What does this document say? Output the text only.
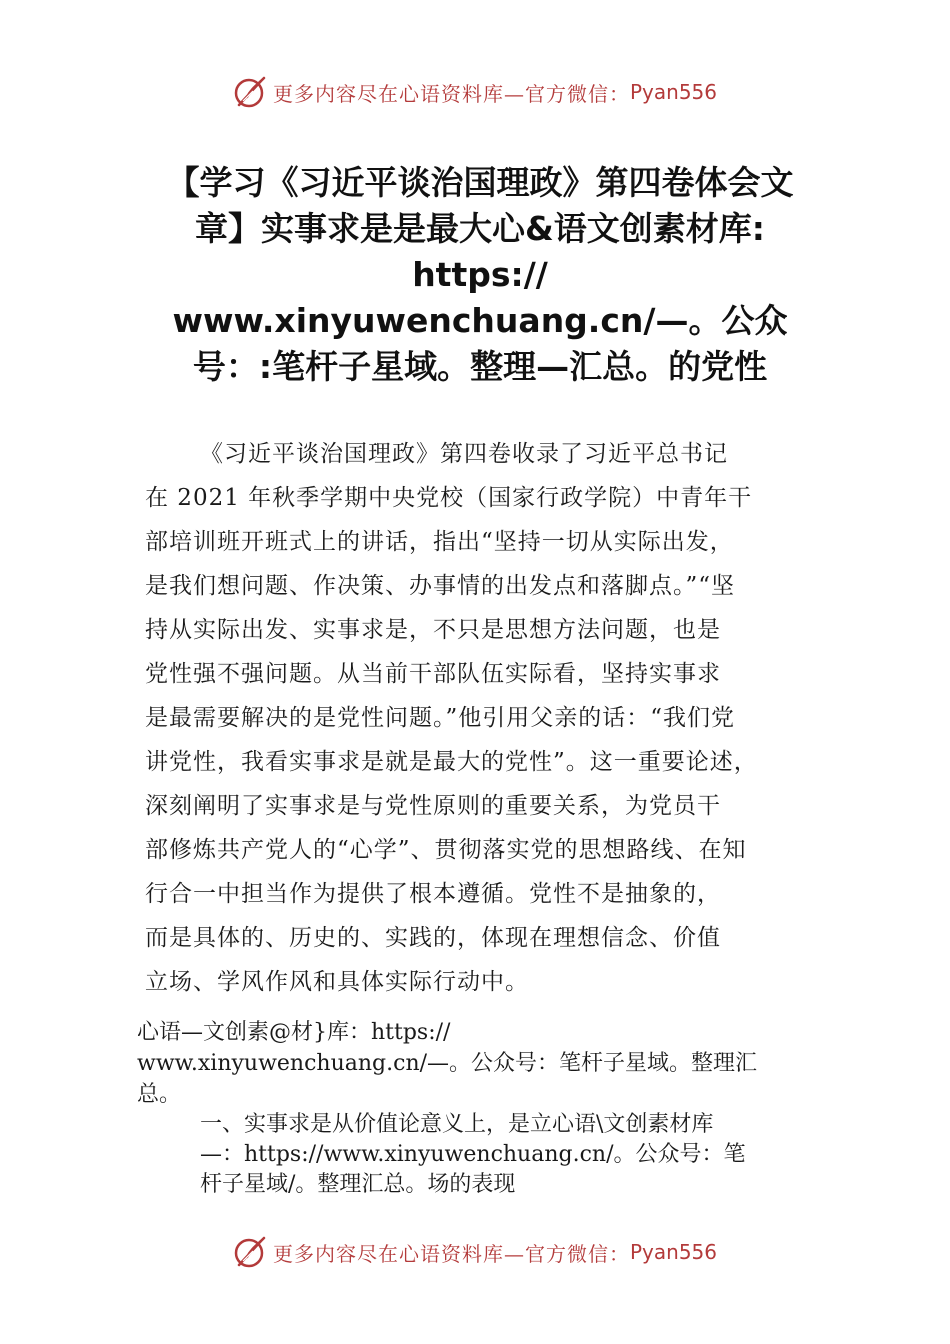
更多内容尽在心语资料库—官方微信： Pyan556
【学习《习近平谈治国理政》第四卷体会文
章】实事求是是最大心&语文创素材库:
https://
www.xinyuwenchuang.cn/—。公众
号：:笔杆子星域。整理—汇总。的党性
《习近平谈治国理政》第四卷收录了习近平总书记
在 2021 年秋季学期中央党校（国家行政学院）中青年干
部培训班开班式上的讲话，指出“坚持一切从实际出发，
是我们想问题、作决策、办事情的出发点和落脚点。”“坚
持从实际出发、实事求是，不只是思想方法问题，也是
党性强不强问题。从当前干部队伍实际看，坚持实事求
是最需要解决的是党性问题。”他引用父亲的话：“我们党
讲党性，我看实事求是就是最大的党性”。这一重要论述，
深刻阐明了实事求是与党性原则的重要关系，为党员干
部修炼共产党人的“心学”、贯彻落实党的思想路线、在知
行合一中担当作为提供了根本遵循。党性不是抽象的，
而是具体的、历史的、实践的，体现在理想信念、价值
立场、学风作风和具体实际行动中。
心语—文创素@材}库：https://
www.xinyuwenchuang.cn/—。公众号：笔杆子星域。整理汇
总。
一、实事求是从价值论意义上，是立心语\文创素材库
—：https://www.xinyuwenchuang.cn/。公众号：笔
杆子星域/。整理汇总。场的表现
更多内容尽在心语资料库—官方微信： Pyan556
